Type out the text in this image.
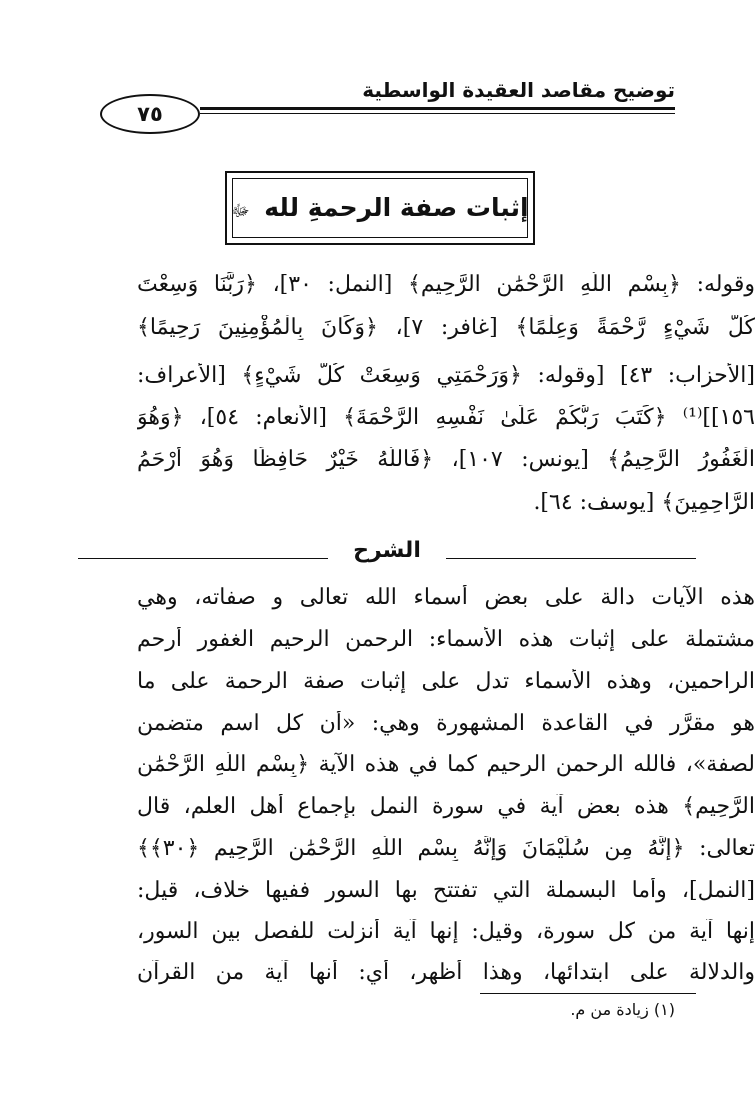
توضيح مقاصد العقيدة الواسطية
٧٥
إثبات صفة الرحمةِ لله ﷻ
وقوله: ﴿بِسْمِ اللَّهِ الرَّحْمَٰنِ الرَّحِيمِ﴾ [النمل: ٣٠]، ﴿رَبَّنَا وَسِعْتَ
كُلَّ شَيْءٍ رَّحْمَةً وَعِلْمًا﴾ [غافر: ٧]، ﴿وَكَانَ بِالْمُؤْمِنِينَ رَحِيمًا﴾
[الأحزاب: ٤٣] [وقوله: ﴿وَرَحْمَتِي وَسِعَتْ كُلَّ شَيْءٍ﴾ [الأعراف:
١٥٦]]⁽¹⁾ ﴿كَتَبَ رَبُّكُمْ عَلَىٰ نَفْسِهِ الرَّحْمَةَ﴾ [الأنعام: ٥٤]، ﴿وَهُوَ
الْغَفُورُ الرَّحِيمُ﴾ [يونس: ١٠٧]، ﴿فَاللَّهُ خَيْرٌ حَافِظًا وَهُوَ أَرْحَمُ
الرَّاحِمِينَ﴾ [يوسف: ٦٤].
الشرح
هذه الآيات دالة على بعض أسماء الله تعالى و صفاته، وهي
مشتملة على إثبات هذه الأسماء: الرحمن الرحيم الغفور أرحم
الراحمين، وهذه الأسماء تدل على إثبات صفة الرحمة على ما
هو مقرَّر في القاعدة المشهورة وهي: «أن كل اسم متضمن
لصفة»، فالله الرحمن الرحيم كما في هذه الآية ﴿بِسْمِ اللَّهِ الرَّحْمَٰنِ
الرَّحِيمِ﴾ هذه بعض آية في سورة النمل بإجماع أهل العلم، قال
تعالى: ﴿إِنَّهُ مِن سُلَيْمَانَ وَإِنَّهُ بِسْمِ اللَّهِ الرَّحْمَٰنِ الرَّحِيمِ ﴿٣٠﴾﴾
[النمل]، وأما البسملة التي تفتتح بها السور ففيها خلاف، قيل:
إنها آية من كل سورة، وقيل: إنها آية أنزلت للفصل بين السور،
والدلالة على ابتدائها، وهذا أظهر، أي: أنها آية من القرآن
(١) زيادة من م.
